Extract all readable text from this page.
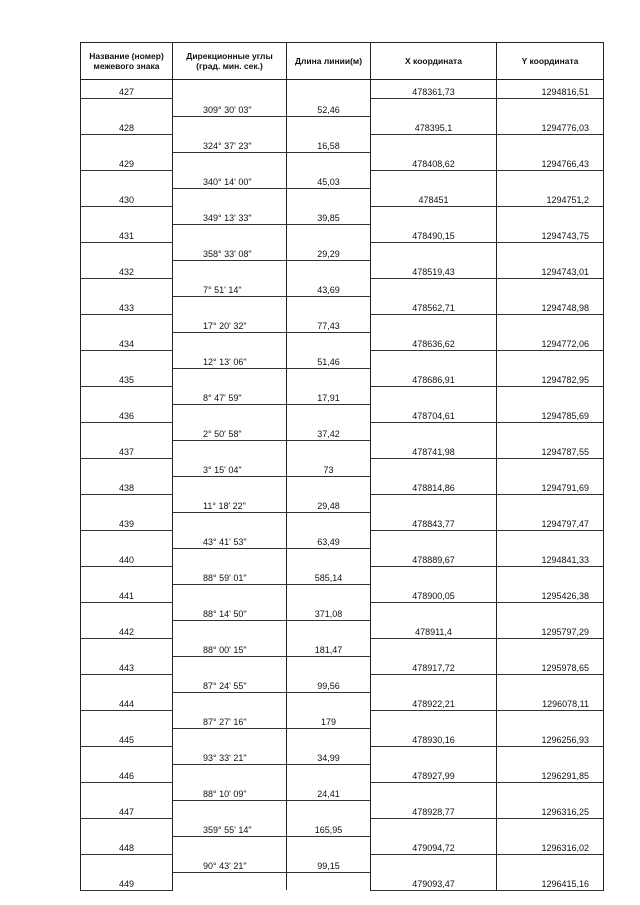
Название (номер) межевого знака	Дирекционные углы (град. мин. сек.)	Длина линии(м)	X координата	Y координата
427			478361,73	1294816,51
	309° 30' 03"	52,46		
428			478395,1	1294776,03
	324° 37' 23"	16,58		
429			478408,62	1294766,43
	340° 14' 00"	45,03		
430			478451	1294751,2
	349° 13' 33"	39,85		
431			478490,15	1294743,75
	358° 33' 08"	29,29		
432			478519,43	1294743,01
	7° 51' 14"	43,69		
433			478562,71	1294748,98
	17° 20' 32"	77,43		
434			478636,62	1294772,06
	12° 13' 06"	51,46		
435			478686,91	1294782,95
	8° 47' 59"	17,91		
436			478704,61	1294785,69
	2° 50' 58"	37,42		
437			478741,98	1294787,55
	3° 15' 04"	73		
438			478814,86	1294791,69
	11° 18' 22"	29,48		
439			478843,77	1294797,47
	43° 41' 53"	63,49		
440			478889,67	1294841,33
	88° 59' 01"	585,14		
441			478900,05	1295426,38
	88° 14' 50"	371,08		
442			478911,4	1295797,29
	88° 00' 15"	181,47		
443			478917,72	1295978,65
	87° 24' 55"	99,56		
444			478922,21	1296078,11
	87° 27' 16"	179		
445			478930,16	1296256,93
	93° 33' 21"	34,99		
446			478927,99	1296291,85
	88° 10' 09"	24,41		
447			478928,77	1296316,25
	359° 55' 14"	165,95		
448			479094,72	1296316,02
	90° 43' 21"	99,15		
449			479093,47	1296415,16
